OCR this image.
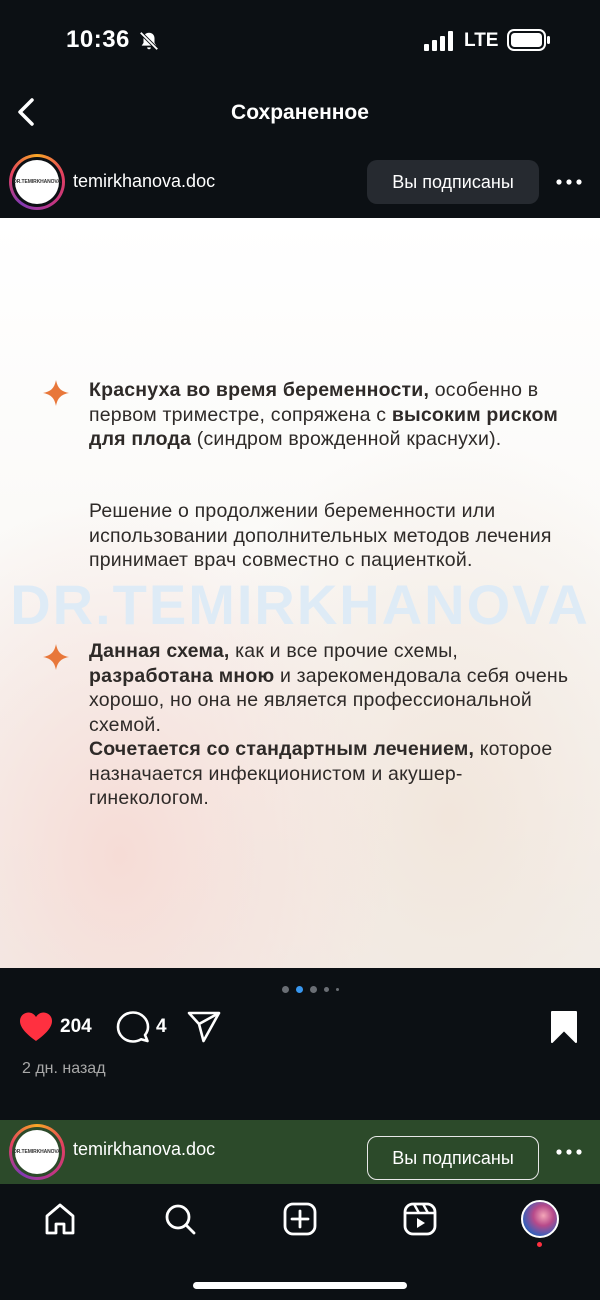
10:36	LTE
Сохраненное
DR.TEMIRKHANOVA temirkhanova.doc	Вы подписаны
DR.TEMIRKHANOVA
Краснуха во время беременности, особенно в первом триместре, сопряжена с высоким риском для плода (синдром врожденной краснухи).
Решение о продолжении беременности или использовании дополнительных методов лечения принимает врач совместно с пациенткой.
Данная схема, как и все прочие схемы, разработана мною и зарекомендовала себя очень хорошо, но она не является профессиональной схемой.
Сочетается со стандартным лечением, которое назначается инфекционистом и акушер-гинекологом.
204	4
2 дн. назад
DR.TEMIRKHANOVA temirkhanova.doc	Вы подписаны
